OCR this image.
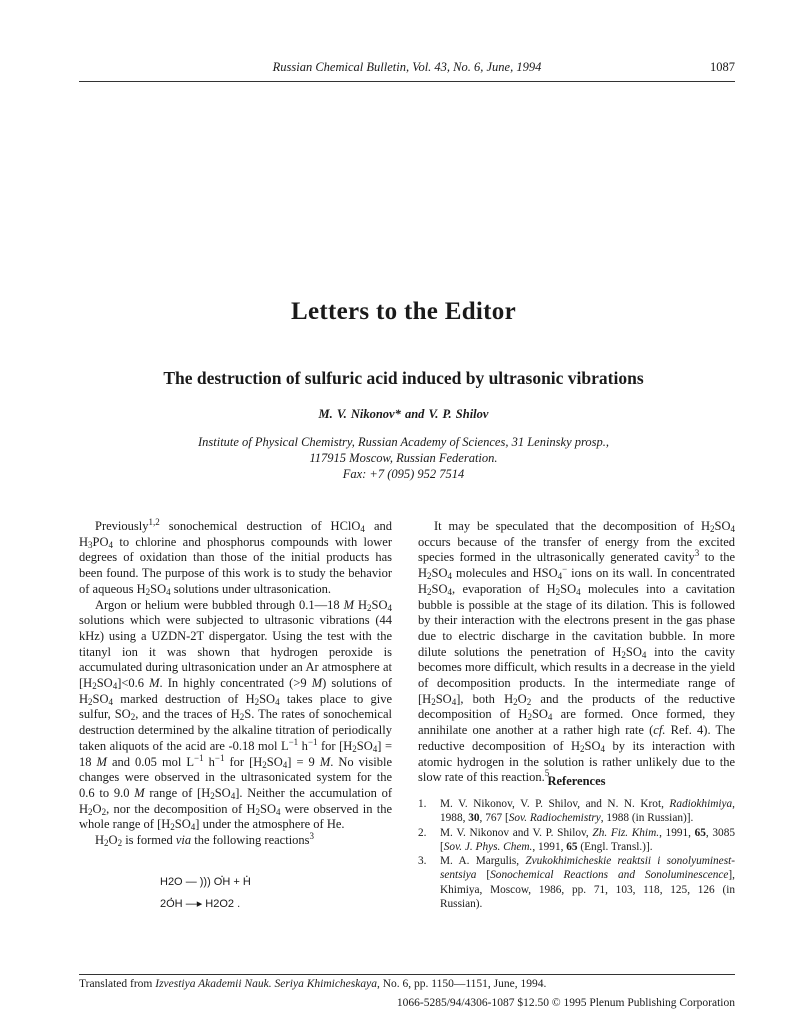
Russian Chemical Bulletin, Vol. 43, No. 6, June, 1994	1087
Letters to the Editor
The destruction of sulfuric acid induced by ultrasonic vibrations
M. V. Nikonov* and V. P. Shilov
Institute of Physical Chemistry, Russian Academy of Sciences, 31 Leninsky prosp.,
117915 Moscow, Russian Federation.
Fax: +7 (095) 952 7514

Previously$^{1,2}$ sonochemical destruction of HClO$_4$ and $H_3PO_4$ to chlorine and phosphorus compounds with lower degrees of oxidation than those of the initial products has been found. The purpose of this work is to study the behavior of aqueous $H_2SO_4$ solutions under ultrasonication.

Argon or helium were bubbled through 0.1—18 M $H_2SO_4$ solutions which were subjected to ultrasonic vibrations (44 kHz) using a UZDN-2T dispergator. Using the test with the titanyl ion it was shown that hydrogen peroxide is accumulated during ultrasonication under an Ar atmosphere at $[H_2SO_4]<0.6$ M. In highly concentrated (>9 M) solutions of $H_2SO_4$ marked destruction of $H_2SO_4$ takes place to give sulfur, $SO_2$, and the traces of $H_2S$. The rates of sonochemical destruction determined by the alkaline titration of periodically taken aliquots of the acid are -0.18 mol $L^{-1}$ $h^{-1}$ for $[H_2SO_4] = 18$ M and 0.05 mol $L^{-1}$ $h^{-1}$ for $[H_2SO_4] = 9$ M. No visible changes were observed in the ultrasonicated system for the 0.6 to 9.0 M range of $[H_2SO_4]$. Neither the accumulation of $H_2O_2$, nor the decomposition of $H_2SO_4$ were observed in the whole range of $[H_2SO_4]$ under the atmosphere of He.

$H_2O_2$ is formed via the following reactions$^3$

H2O — ))) . OH + . H
. 2OH —▸ H2O2 .

It may be speculated that the decomposition of $H_2SO_4$ occurs because of the transfer of energy from the excited species formed in the ultrasonically generated cavity$^3$ to the $H_2SO_4$ molecules and $HSO_4^-$ ions on its wall. In concentrated $H_2SO_4$, evaporation of $H_2SO_4$ molecules into a cavitation bubble is possible at the stage of its dilation. This is followed by their interaction with the electrons present in the gas phase due to electric discharge in the cavitation bubble. In more dilute solutions the penetration of $H_2SO_4$ into the cavity becomes more difficult, which results in a decrease in the yield of decomposition products. In the intermediate range of $[H_2SO_4]$, both $H_2O_2$ and the products of the reductive decomposition of $H_2SO_4$ are formed. Once formed, they annihilate one another at a rather high rate (cf. Ref. 4). The reductive decomposition of $H_2SO_4$ by its interaction with atomic hydrogen in the solution is rather unlikely due to the slow rate of this reaction.$^5$

References
1. M. V. Nikonov, V. P. Shilov, and N. N. Krot, Radiokhimiya, 1988, 30, 767 [Sov. Radiochemistry, 1988 (in Russian)].
2. M. V. Nikonov and V. P. Shilov, Zh. Fiz. Khim., 1991, 65, 3085 [Sov. J. Phys. Chem., 1991, 65 (Engl. Transl.)].
3. M. A. Margulis, Zvukokhimicheskie reaktsii i sonolyuminestsentsiya [Sonochemical Reactions and Sonoluminescence], Khimiya, Moscow, 1986, pp. 71, 103, 118, 125, 126 (in Russian).
Translated from Izvestiya Akademii Nauk. Seriya Khimicheskaya, No. 6, pp. 1150—1151, June, 1994.
1066-5285/94/4306-1087 $12.50 © 1995 Plenum Publishing Corporation
